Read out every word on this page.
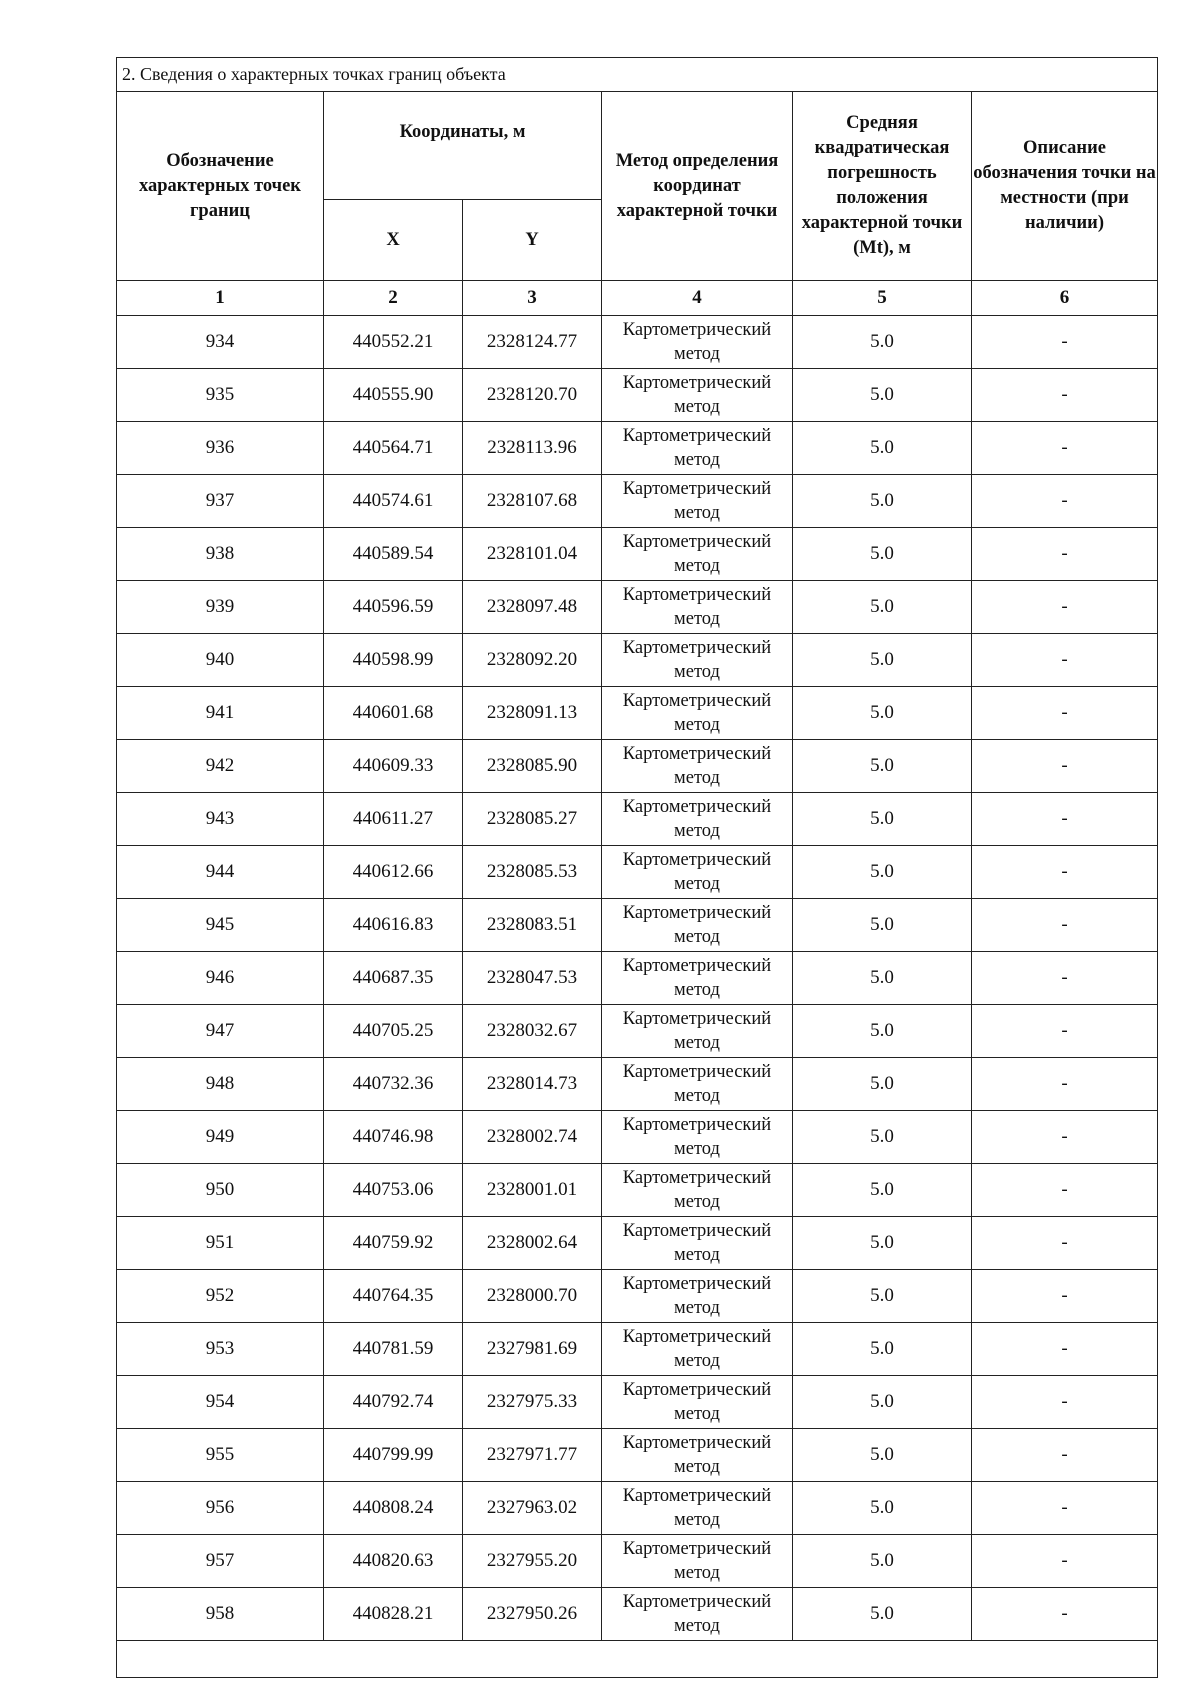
2. Сведения о характерных точках границ объекта					
Обозначение характерных точек границ	Координаты, м		Метод определения координат характерной точки	Средняя квадратическая погрешность положения характерной точки (Mt), м	Описание обозначения точки на местности (при наличии)
	X	Y			
1	2	3	4	5	6
934	440552.21	2328124.77	Картометрический метод	5.0	-
935	440555.90	2328120.70	Картометрический метод	5.0	-
936	440564.71	2328113.96	Картометрический метод	5.0	-
937	440574.61	2328107.68	Картометрический метод	5.0	-
938	440589.54	2328101.04	Картометрический метод	5.0	-
939	440596.59	2328097.48	Картометрический метод	5.0	-
940	440598.99	2328092.20	Картометрический метод	5.0	-
941	440601.68	2328091.13	Картометрический метод	5.0	-
942	440609.33	2328085.90	Картометрический метод	5.0	-
943	440611.27	2328085.27	Картометрический метод	5.0	-
944	440612.66	2328085.53	Картометрический метод	5.0	-
945	440616.83	2328083.51	Картометрический метод	5.0	-
946	440687.35	2328047.53	Картометрический метод	5.0	-
947	440705.25	2328032.67	Картометрический метод	5.0	-
948	440732.36	2328014.73	Картометрический метод	5.0	-
949	440746.98	2328002.74	Картометрический метод	5.0	-
950	440753.06	2328001.01	Картометрический метод	5.0	-
951	440759.92	2328002.64	Картометрический метод	5.0	-
952	440764.35	2328000.70	Картометрический метод	5.0	-
953	440781.59	2327981.69	Картометрический метод	5.0	-
954	440792.74	2327975.33	Картометрический метод	5.0	-
955	440799.99	2327971.77	Картометрический метод	5.0	-
956	440808.24	2327963.02	Картометрический метод	5.0	-
957	440820.63	2327955.20	Картометрический метод	5.0	-
958	440828.21	2327950.26	Картометрический метод	5.0	-
